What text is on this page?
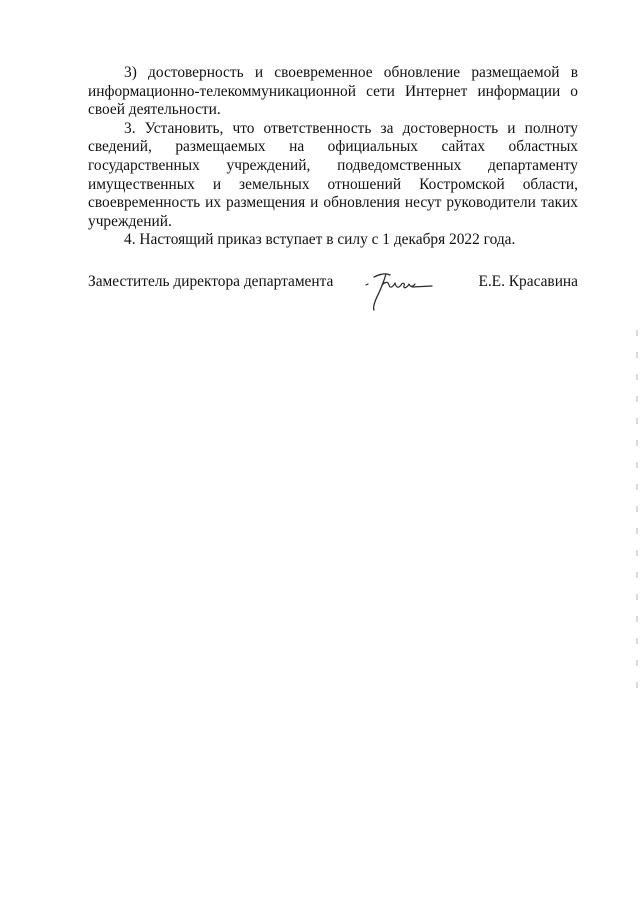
3) достоверность и своевременное обновление размещаемой в информационно-телекоммуникационной сети Интернет информации о своей деятельности.

3. Установить, что ответственность за достоверность и полноту сведений, размещаемых на официальных сайтах областных государственных учреждений, подведомственных департаменту имущественных и земельных отношений Костромской области, своевременность их размещения и обновления несут руководители таких учреждений.

4. Настоящий приказ вступает в силу с 1 декабря 2022 года.

Заместитель директора департамента	Е.Е. Красавина
